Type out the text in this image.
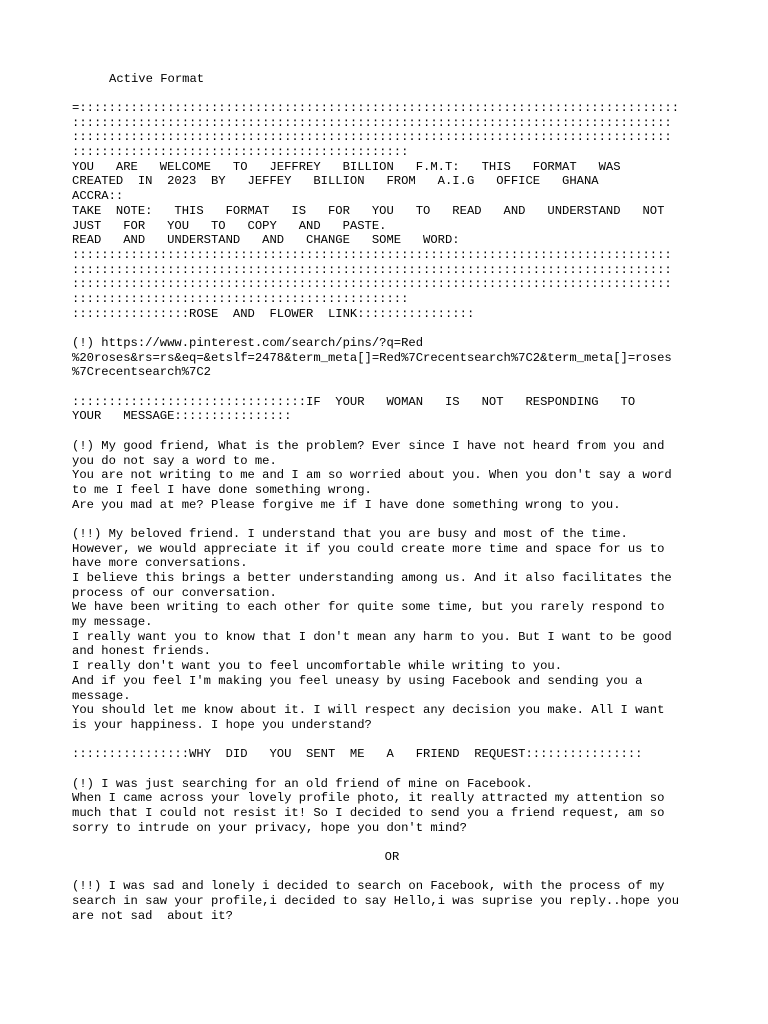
Active Format
=::::::::::::::::::::::::::::::::::::::::::::::::::::::::::::::::::::::::::::::::::
::::::::::::::::::::::::::::::::::::::::::::::::::::::::::::::::::::::::::::::::::
::::::::::::::::::::::::::::::::::::::::::::::::::::::::::::::::::::::::::::::::::
::::::::::::::::::::::::::::::::::::::::::::::
YOU   ARE   WELCOME   TO   JEFFREY   BILLION   F.M.T:   THIS   FORMAT   WAS
CREATED  IN  2023  BY   JEFFEY   BILLION   FROM   A.I.G   OFFICE   GHANA
ACCRA::
TAKE  NOTE:   THIS   FORMAT   IS   FOR   YOU   TO   READ   AND   UNDERSTAND   NOT
JUST   FOR   YOU   TO   COPY   AND   PASTE.
READ   AND   UNDERSTAND   AND   CHANGE   SOME   WORD:
::::::::::::::::::::::::::::::::::::::::::::::::::::::::::::::::::::::::::::::::::
::::::::::::::::::::::::::::::::::::::::::::::::::::::::::::::::::::::::::::::::::
::::::::::::::::::::::::::::::::::::::::::::::::::::::::::::::::::::::::::::::::::
::::::::::::::::::::::::::::::::::::::::::::::
::::::::::::::::ROSE  AND  FLOWER  LINK::::::::::::::::
(!) https://www.pinterest.com/search/pins/?q=Red
%20roses&rs=rs&eq=&etslf=2478&term_meta[]=Red%7Crecentsearch%7C2&term_meta[]=roses
%7Crecentsearch%7C2
::::::::::::::::::::::::::::::::IF  YOUR   WOMAN   IS   NOT   RESPONDING   TO
YOUR   MESSAGE::::::::::::::::
(!) My good friend, What is the problem? Ever since I have not heard from you and
you do not say a word to me.
You are not writing to me and I am so worried about you. When you don't say a word
to me I feel I have done something wrong.
Are you mad at me? Please forgive me if I have done something wrong to you.
(!!) My beloved friend. I understand that you are busy and most of the time.
However, we would appreciate it if you could create more time and space for us to
have more conversations.
I believe this brings a better understanding among us. And it also facilitates the
process of our conversation.
We have been writing to each other for quite some time, but you rarely respond to
my message.
I really want you to know that I don't mean any harm to you. But I want to be good
and honest friends.
I really don't want you to feel uncomfortable while writing to you.
And if you feel I'm making you feel uneasy by using Facebook and sending you a
message.
You should let me know about it. I will respect any decision you make. All I want
is your happiness. I hope you understand?
::::::::::::::::WHY  DID   YOU  SENT  ME   A   FRIEND  REQUEST::::::::::::::::
(!) I was just searching for an old friend of mine on Facebook.
When I came across your lovely profile photo, it really attracted my attention so
much that I could not resist it! So I decided to send you a friend request, am so
sorry to intrude on your privacy, hope you don't mind?
OR
(!!) I was sad and lonely i decided to search on Facebook, with the process of my
search in saw your profile,i decided to say Hello,i was suprise you reply..hope you
are not sad  about it?
